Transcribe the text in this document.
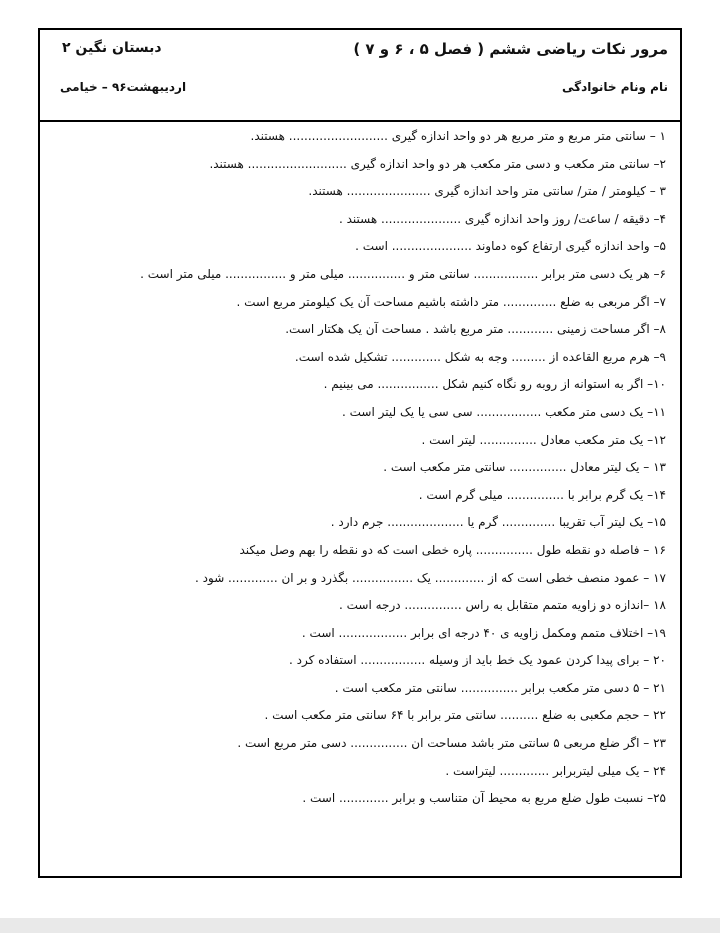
مرور نکات ریاضی ششم ( فصل ۵ ، ۶ و ۷ )
دبستان نگین ۲
نام ونام خانوادگی
اردیبهشت۹۶ – خیامی
۱ – سانتی متر مربع و متر مربع هر دو واحد اندازه گیری .......................... هستند.
۲– سانتی متر مکعب و دسی متر مکعب هر دو واحد اندازه گیری .......................... هستند.
۳ – کیلومتر / متر/ سانتی متر واحد اندازه گیری ...................... هستند.
۴– دقیقه / ساعت/ روز واحد اندازه گیری ..................... هستند .
۵– واحد اندازه گیری ارتفاع کوه دماوند ..................... است .
۶– هر یک دسی متر برابر ................. سانتی متر و ............... میلی متر و ................ میلی متر است .
۷– اگر مربعی به ضلع .............. متر داشته باشیم مساحت آن یک کیلومتر مربع است .
۸– اگر مساحت زمینی ............ متر مربع باشد . مساحت آن یک هکتار است.
۹– هرم مربع القاعده از ......... وجه به شکل ............. تشکیل شده است.
۱۰– اگر به استوانه از روبه رو نگاه کنیم شکل ................ می بینیم .
۱۱– یک دسی متر مکعب ................. سی سی یا یک لیتر است .
۱۲– یک متر مکعب معادل ............... لیتر است .
۱۳ – یک لیتر معادل ............... سانتی متر مکعب است .
۱۴– یک گرم برابر با ............... میلی گرم است .
۱۵– یک لیتر آب تقریبا .............. گرم یا .................... جرم دارد .
۱۶ – فاصله دو نقطه طول ............... پاره خطی است که دو نقطه را بهم وصل میکند
۱۷ – عمود منصف خطی است که از ............. یک ................ بگذرد و بر ان ............. شود .
۱۸ –اندازه دو زاویه متمم متقابل به راس ............... درجه است .
۱۹– اختلاف متمم ومکمل زاویه ی ۴۰ درجه ای برابر .................. است .
۲۰ – برای پیدا کردن عمود یک خط باید از وسیله ................. استفاده کرد .
۲۱ – ۵ دسی متر مکعب برابر ............... سانتی متر مکعب است .
۲۲ – حجم مکعبی به ضلع .......... سانتی متر برابر با ۶۴ سانتی متر مکعب است .
۲۳ – اگر ضلع مربعی ۵ سانتی متر باشد مساحت ان ............... دسی متر مربع است .
۲۴ – یک میلی لیتربرابر ............. لیتراست .
۲۵– نسبت طول ضلع مربع به محیط آن متناسب و برابر ............. است .
